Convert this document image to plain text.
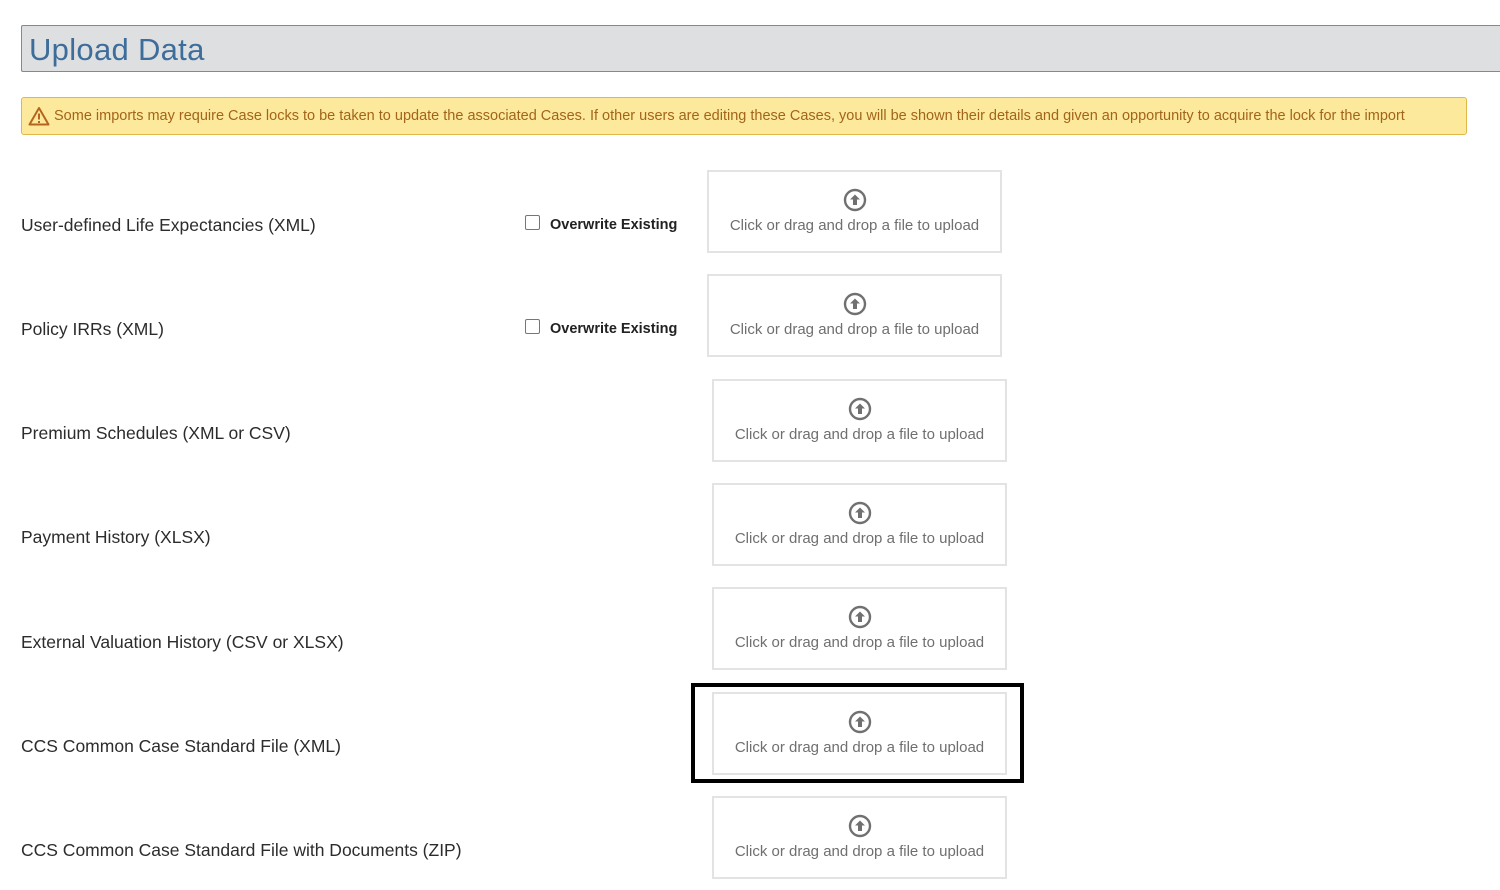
Upload Data
Some imports may require Case locks to be taken to update the associated Cases. If other users are editing these Cases, you will be shown their details and given an opportunity to acquire the lock for the import
User-defined Life Expectancies (XML)	Overwrite Existing	Click or drag and drop a file to upload
Policy IRRs (XML)	Overwrite Existing	Click or drag and drop a file to upload
Premium Schedules (XML or CSV)	Click or drag and drop a file to upload
Payment History (XLSX)	Click or drag and drop a file to upload
External Valuation History (CSV or XLSX)	Click or drag and drop a file to upload
CCS Common Case Standard File (XML)	Click or drag and drop a file to upload
CCS Common Case Standard File with Documents (ZIP)	Click or drag and drop a file to upload
